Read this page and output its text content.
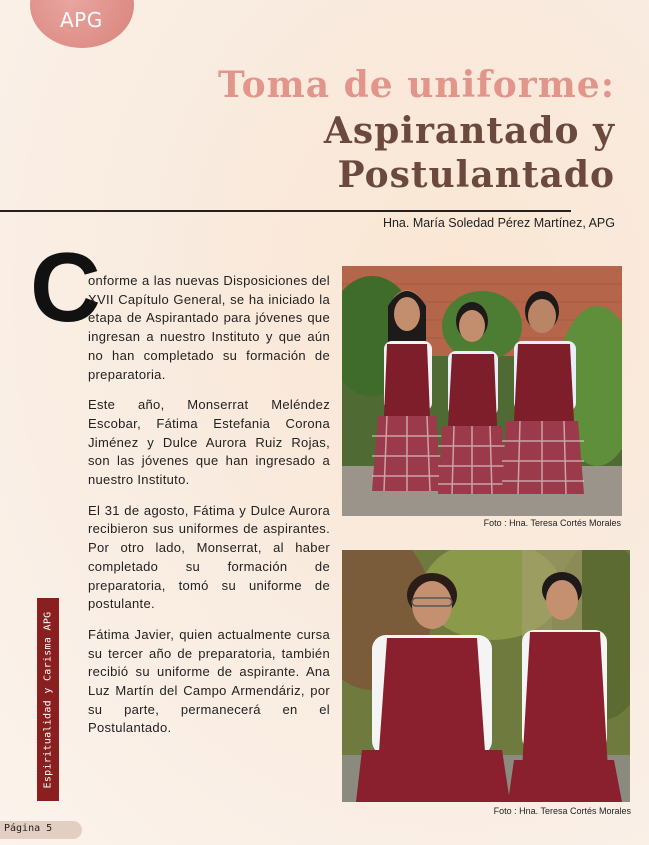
APG
Toma de uniforme:
Aspirantado y
Postulantado
Hna. María Soledad Pérez Martínez, APG
C

onforme a las nuevas Disposiciones del XVII Capítulo General, se ha iniciado la etapa de Aspirantado para jóvenes que ingresan a nuestro Instituto y que aún no han completado su formación de preparatoria.

Este año, Monserrat Meléndez Escobar, Fátima Estefania Corona Jiménez y Dulce Aurora Ruiz Rojas, son las jóvenes que han ingresado a nuestro Instituto.

El 31 de agosto, Fátima y Dulce Aurora recibieron sus uniformes de aspirantes. Por otro lado, Monserrat, al haber completado su formación de preparatoria, tomó su uniforme de postulante.

Fátima Javier, quien actualmente cursa su tercer año de preparatoria, también recibió su uniforme de aspirante. Ana Luz Martín del Campo Armendáriz, por su parte, permanecerá en el Postulantado.

Foto : Hna. Teresa Cortés Morales
Foto : Hna. Teresa Cortés Morales
Espiritualidad y Carisma APG
Página 5
